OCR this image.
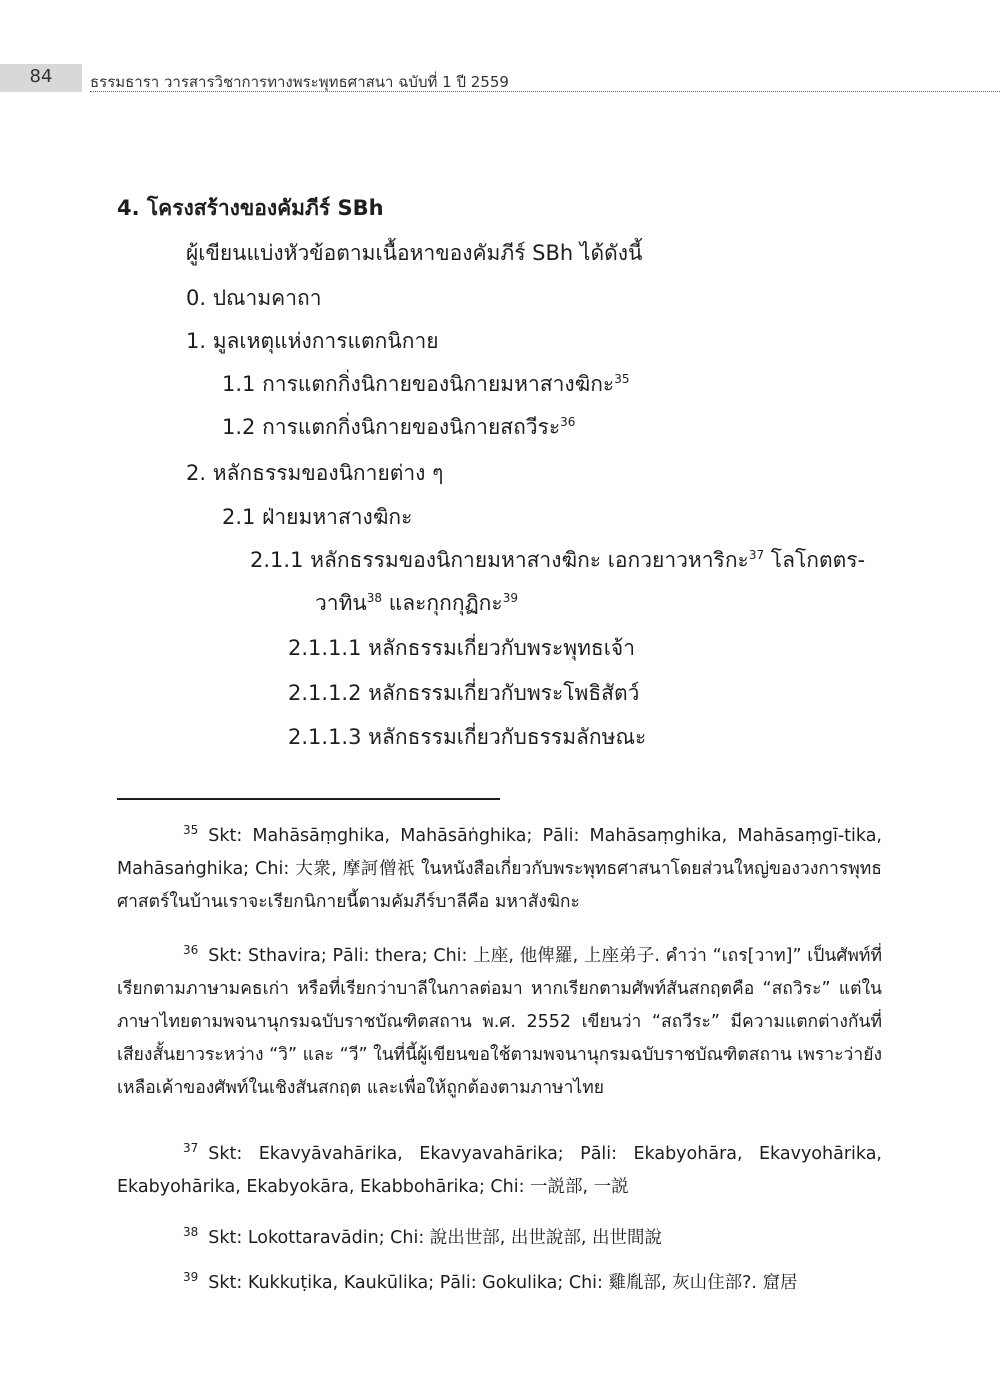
84	ธรรมธารา วารสารวิชาการทางพระพุทธศาสนา ฉบับที่ 1 ปี 2559
4. โครงสร้างของคัมภีร์ SBh
ผู้เขียนแบ่งหัวข้อตามเนื้อหาของคัมภีร์ SBh ได้ดังนี้
0. ปณามคาถา
1. มูลเหตุแห่งการแตกนิกาย
1.1 การแตกกิ่งนิกายของนิกายมหาสางฆิกะ$^{35}$
1.2 การแตกกิ่งนิกายของนิกายสถวีระ$^{36}$
2. หลักธรรมของนิกายต่าง ๆ
2.1 ฝ่ายมหาสางฆิกะ
2.1.1 หลักธรรมของนิกายมหาสางฆิกะ เอกวยาวหาริกะ$^{37}$ โลโกตตร-
วาทิน$^{38}$ และกุกกุฏิกะ$^{39}$
2.1.1.1 หลักธรรมเกี่ยวกับพระพุทธเจ้า
2.1.1.2 หลักธรรมเกี่ยวกับพระโพธิสัตว์
2.1.1.3 หลักธรรมเกี่ยวกับธรรมลักษณะ
$^{35}$ Skt: Mahāsāṃghika, Mahāsāṅghika; Pāli: Mahāsaṃghika, Mahāsaṃgī-tika, Mahāsaṅghika; Chi: 大衆, 摩訶僧祇 ในหนังสือเกี่ยวกับพระพุทธศาสนาโดยส่วนใหญ่ของวงการพุทธศาสตร์ในบ้านเราจะเรียกนิกายนี้ตามคัมภีร์บาลีคือ มหาสังฆิกะ
$^{36}$ Skt: Sthavira; Pāli: thera; Chi: 上座, 他俾羅, 上座弟子. คำว่า “เถร[วาท]” เป็นศัพท์ที่เรียกตามภาษามคธเก่า หรือที่เรียกว่าบาลีในกาลต่อมา หากเรียกตามศัพท์สันสกฤตคือ “สถวิระ” แต่ในภาษาไทยตามพจนานุกรมฉบับราชบัณฑิตสถาน พ.ศ. 2552 เขียนว่า “สถวีระ” มีความแตกต่างกันที่เสียงสั้นยาวระหว่าง “วิ” และ “วี” ในที่นี้ผู้เขียนขอใช้ตามพจนานุกรมฉบับราชบัณฑิตสถาน เพราะว่ายังเหลือเค้าของศัพท์ในเชิงสันสกฤต และเพื่อให้ถูกต้องตามภาษาไทย
$^{37}$ Skt: Ekavyāvahārika, Ekavyavahārika; Pāli: Ekabyohāra, Ekavyohārika, Ekabyohārika, Ekabyokāra, Ekabbohārika; Chi: 一説部, 一説
$^{38}$ Skt: Lokottaravādin; Chi: 說出世部, 出世說部, 出世間說
$^{39}$ Skt: Kukkuṭika, Kaukūlika; Pāli: Gokulika; Chi: 雞胤部, 灰山住部?. 窟居
